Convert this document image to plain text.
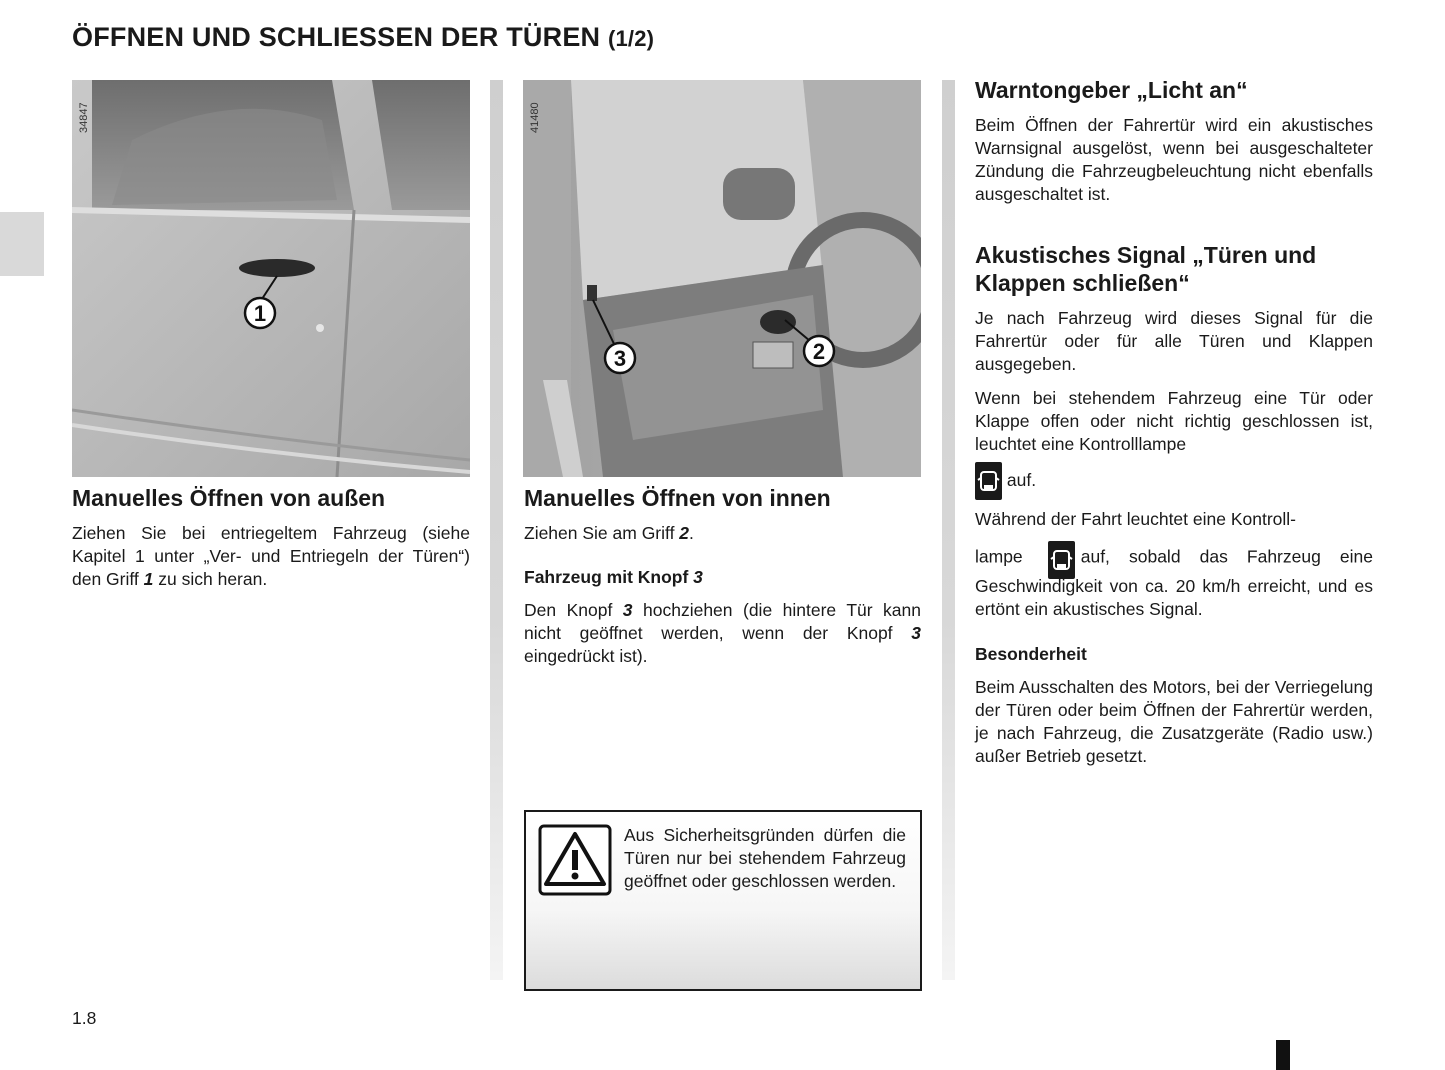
ÖFFNEN UND SCHLIESSEN DER TÜREN (1/2)
1
3	2
34847	41480
Manuelles Öffnen von außen

Ziehen Sie bei entriegeltem Fahrzeug (siehe Kapitel 1 unter „Ver- und Entriegeln der Türen“) den Griff 1 zu sich heran.

Manuelles Öffnen von innen

Ziehen Sie am Griff 2.

Fahrzeug mit Knopf 3

Den Knopf 3 hochziehen (die hintere Tür kann nicht geöffnet werden, wenn der Knopf 3 eingedrückt ist).

Aus Sicherheitsgründen dürfen die Türen nur bei stehendem Fahrzeug geöffnet oder geschlossen werden.

Warntongeber „Licht an“

Beim Öffnen der Fahrertür wird ein akustisches Warnsignal ausgelöst, wenn bei ausgeschalteter Zündung die Fahrzeugbeleuchtung nicht ebenfalls ausgeschaltet ist.

Akustisches Signal „Türen und Klappen schließen“

Je nach Fahrzeug wird dieses Signal für die Fahrertür oder für alle Türen und Klappen ausgegeben.

Wenn bei stehendem Fahrzeug eine Tür oder Klappe offen oder nicht richtig geschlossen ist, leuchtet eine Kontrolllampe

auf.

Während der Fahrt leuchtet eine Kontroll-

lampe	auf, sobald das Fahrzeug eine Geschwindigkeit von ca. 20 km/h erreicht, und es ertönt ein akustisches Signal.

Besonderheit

Beim Ausschalten des Motors, bei der Verriegelung der Türen oder beim Öffnen der Fahrertür werden, je nach Fahrzeug, die Zusatzgeräte (Radio usw.) außer Betrieb gesetzt.

1.8
